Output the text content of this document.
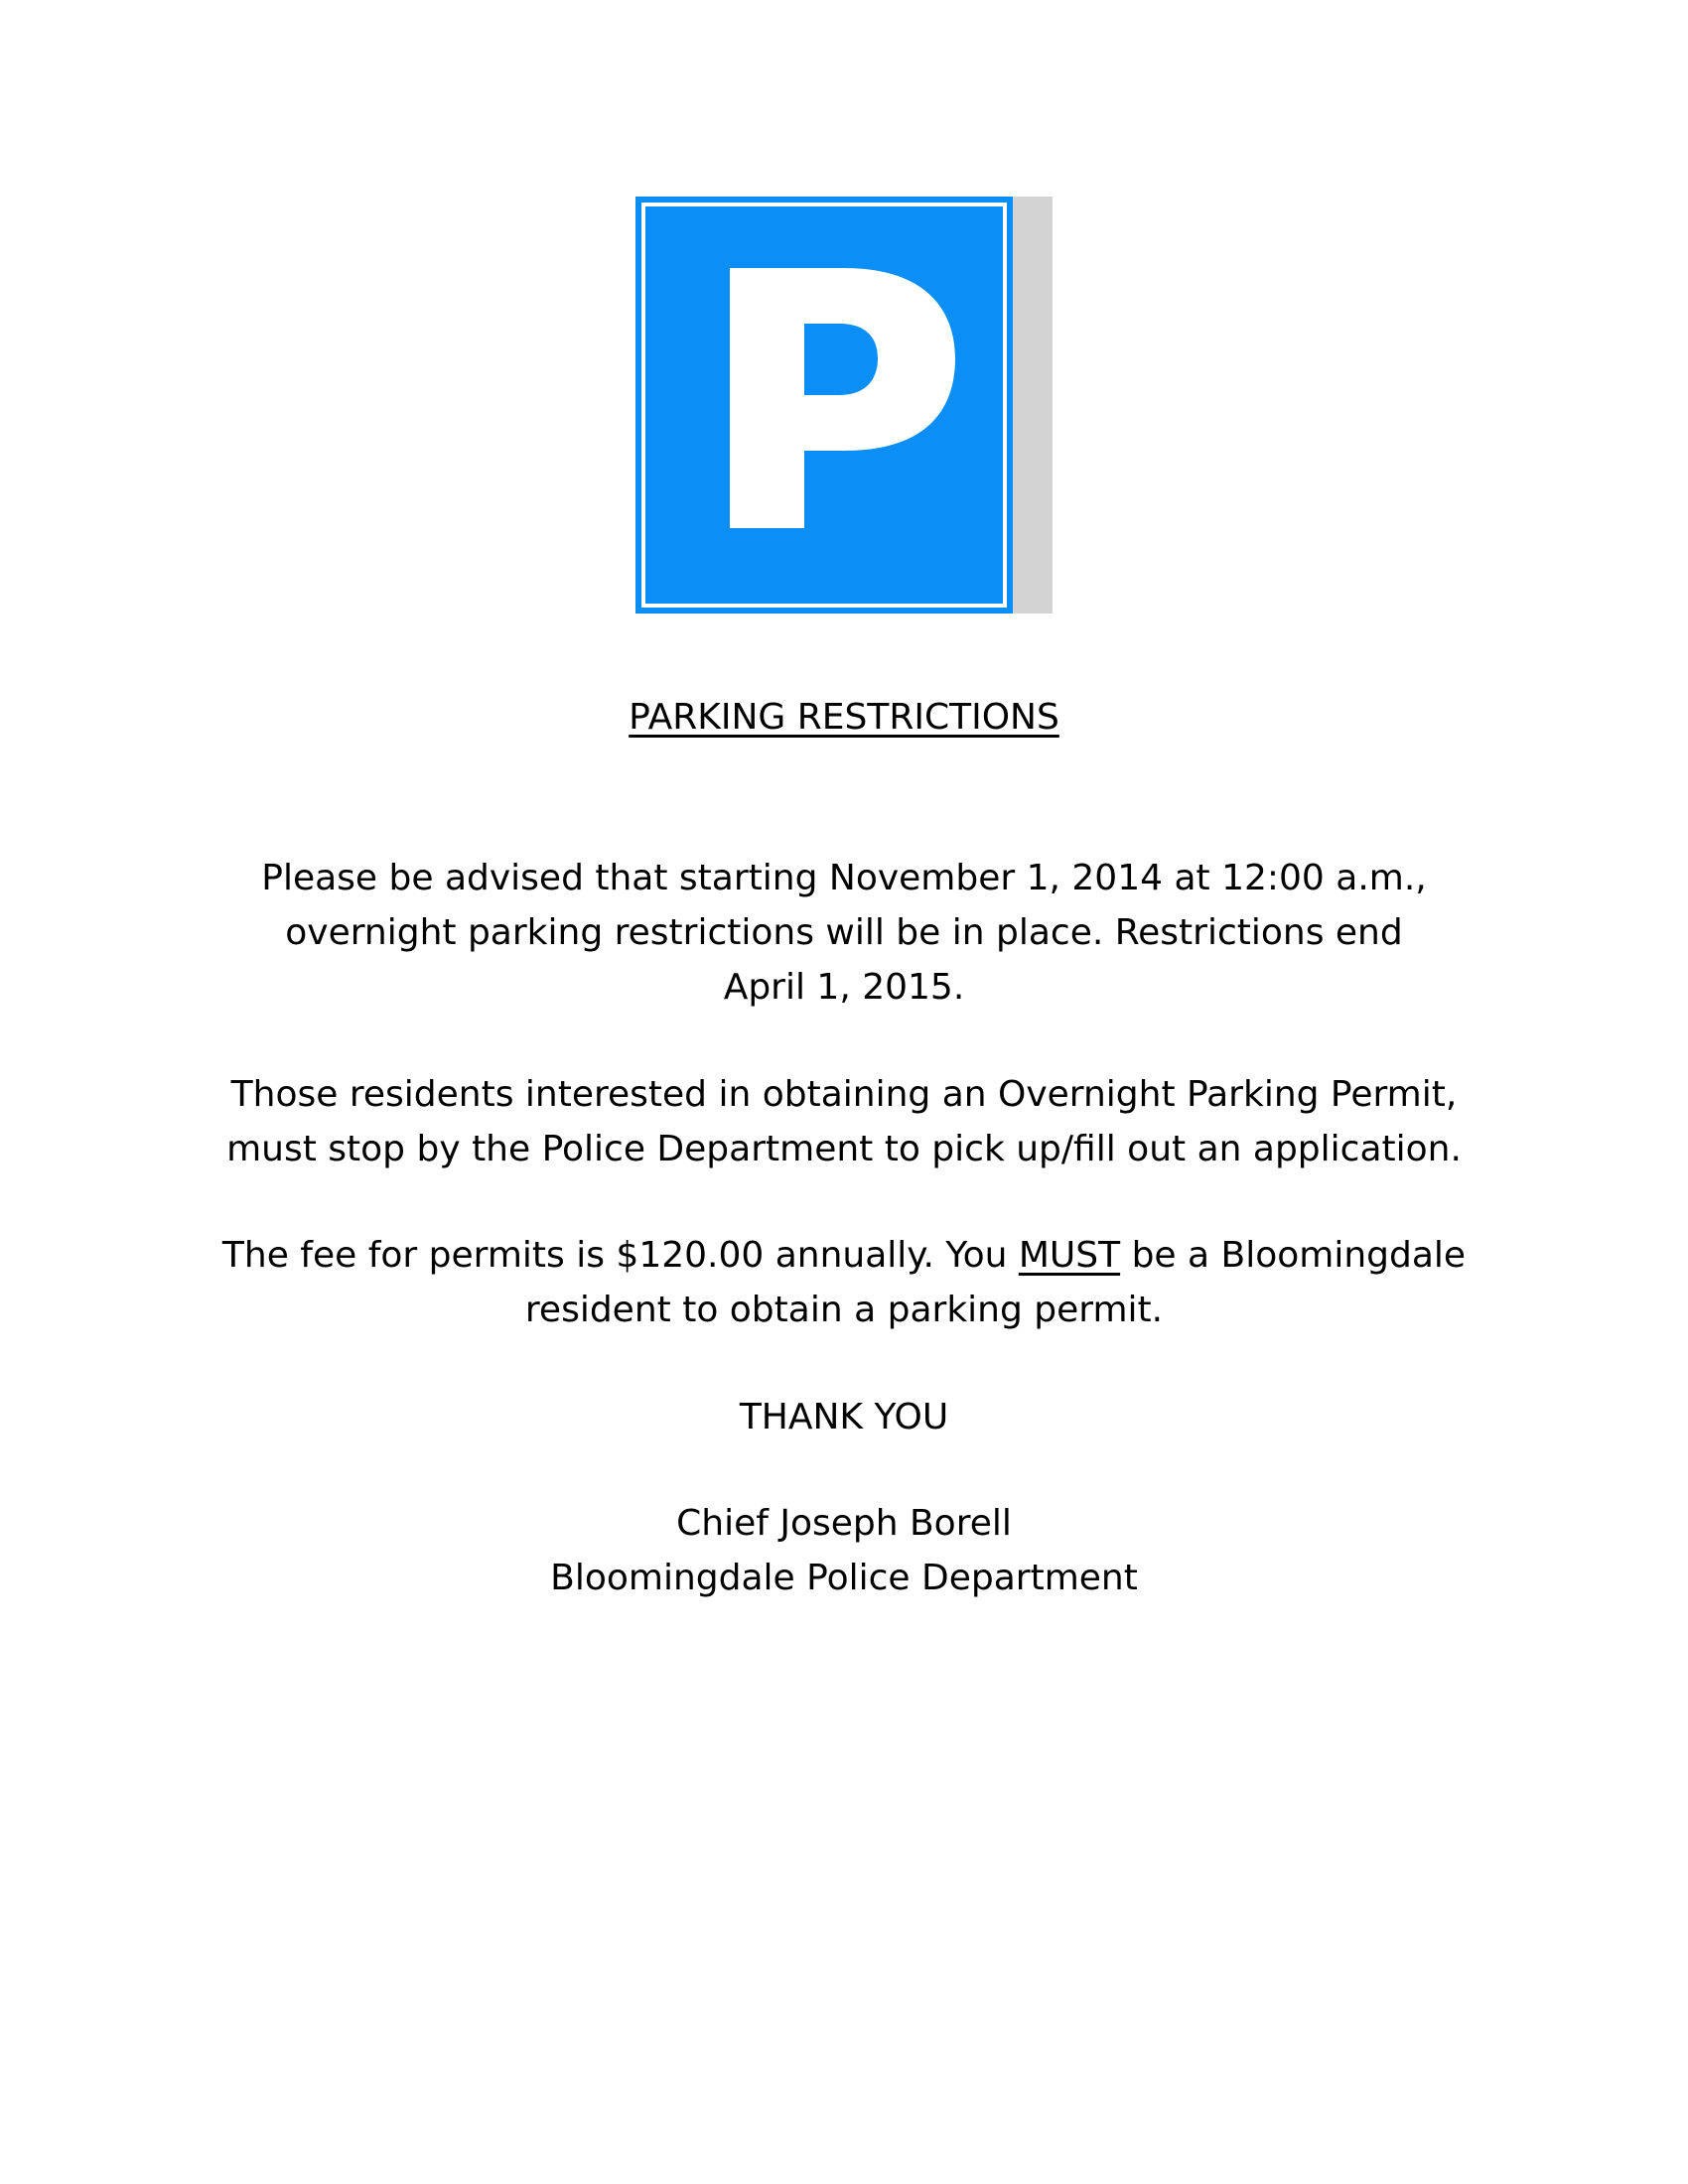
PARKING RESTRICTIONS

Please be advised that starting November 1, 2014 at 12:00 a.m.,
overnight parking restrictions will be in place. Restrictions end
April 1, 2015.

Those residents interested in obtaining an Overnight Parking Permit,
must stop by the Police Department to pick up/fill out an application.

The fee for permits is $120.00 annually. You MUST be a Bloomingdale
resident to obtain a parking permit.

THANK YOU

Chief Joseph Borell
Bloomingdale Police Department
